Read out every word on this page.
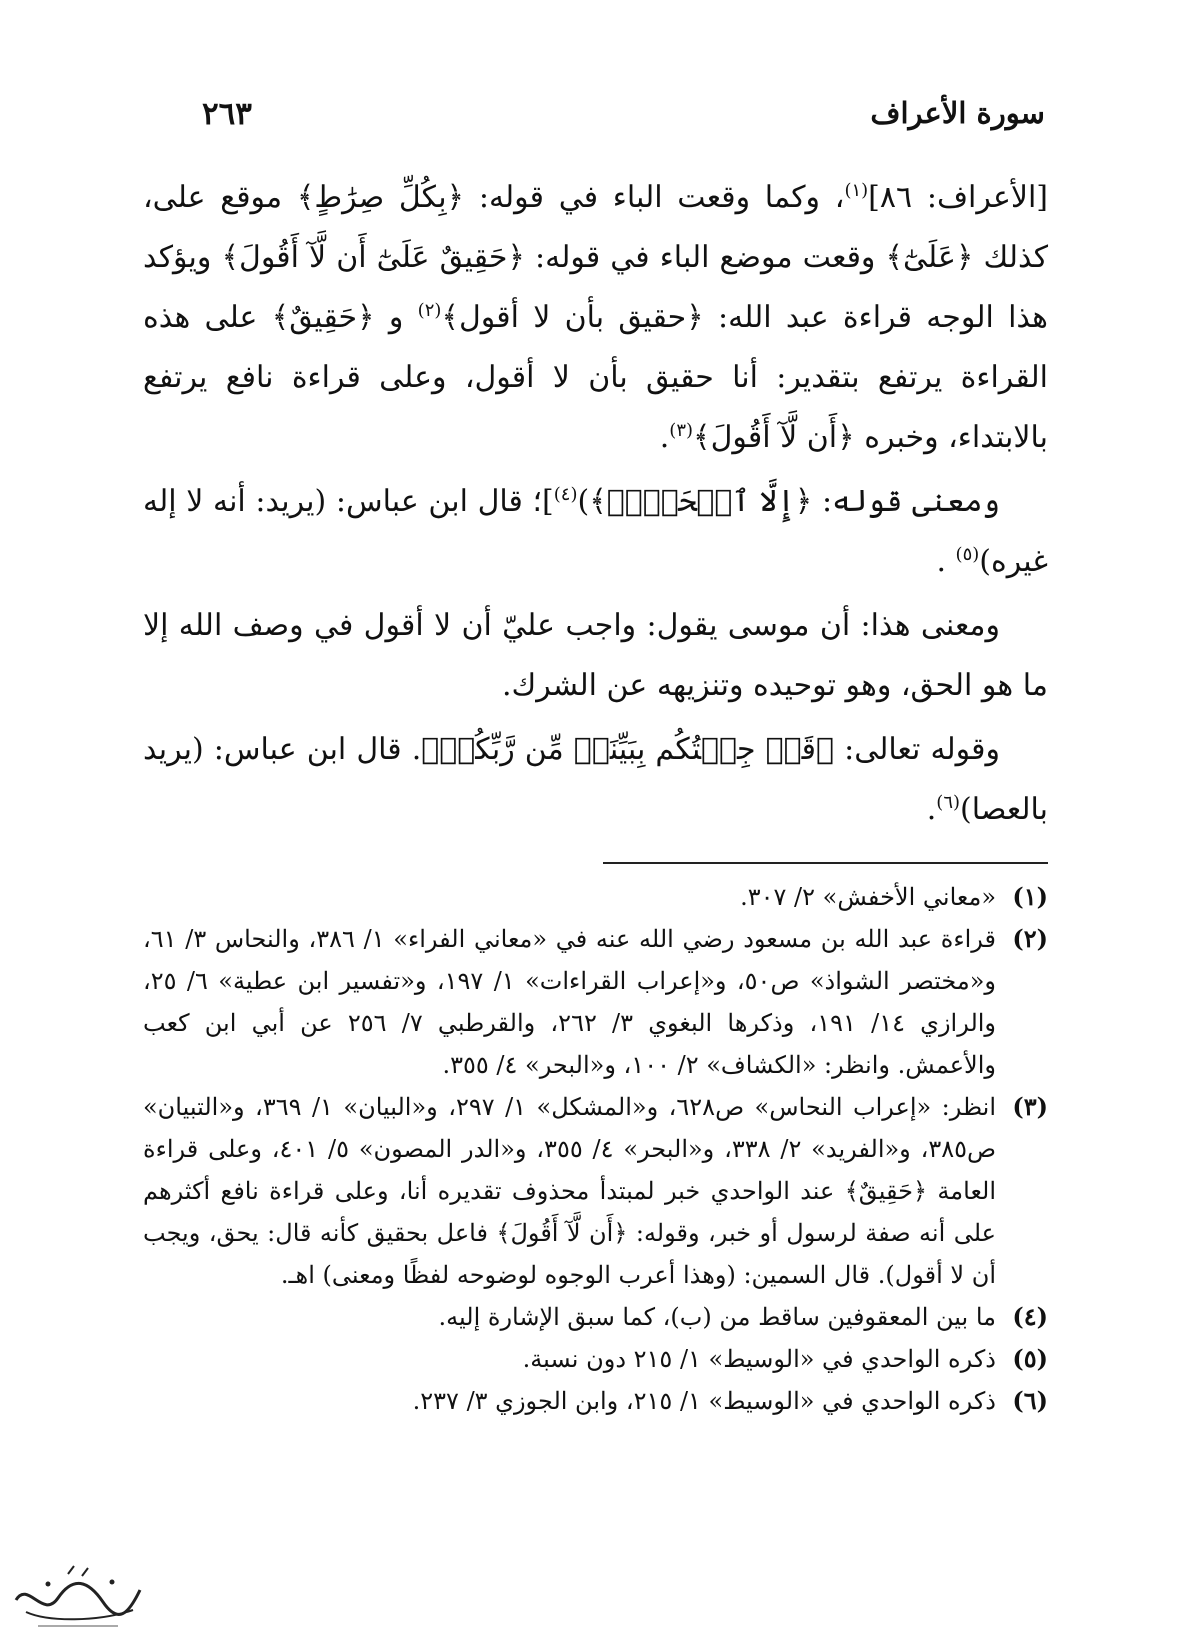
سورة الأعراف
٢٦٣

[الأعراف: ٨٦]$^{(١)}$، وكما وقعت الباء في قوله: ﴿بِكُلِّ صِرَٰطٍ﴾ موقع على، كذلك ﴿عَلَىٰٓ﴾ وقعت موضع الباء في قوله: ﴿حَقِيقٌ عَلَىٰٓ أَن لَّآ أَقُولَ﴾ ويؤكد هذا الوجه قراءة عبد الله: ﴿حقيق بأن لا أقول﴾$^{(٢)}$ و ﴿حَقِيقٌ﴾ على هذه القراءة يرتفع بتقدير: أنا حقيق بأن لا أقول، وعلى قراءة نافع يرتفع بالابتداء، وخبره ﴿أَن لَّآ أَقُولَ﴾$^{(٣)}$.

ومعنى قوله: ﴿إِلَّا ٱلۡحَقَّۚ﴾)$^{(٤)}$]؛ قال ابن عباس: (يريد: أنه لا إله غيره)$^{(٥)}$ .

ومعنى هذا: أن موسى يقول: واجب عليّ أن لا أقول في وصف الله إلا ما هو الحق، وهو توحيده وتنزيهه عن الشرك.

وقوله تعالى: ﴿قَدۡ جِئۡتُكُم بِبَيِّنَةٖ مِّن رَّبِّكُمۡ﴾. قال ابن عباس: (يريد بالعصا)$^{(٦)}$.

(١)
«معاني الأخفش» ٢/ ٣٠٧.
(٢)
قراءة عبد الله بن مسعود رضي الله عنه في «معاني الفراء» ١/ ٣٨٦، والنحاس ٣/ ٦١، و«مختصر الشواذ» ص٥٠، و«إعراب القراءات» ١/ ١٩٧، و«تفسير ابن عطية» ٦/ ٢٥، والرازي ١٤/ ١٩١، وذكرها البغوي ٣/ ٢٦٢، والقرطبي ٧/ ٢٥٦ عن أبي ابن كعب والأعمش. وانظر: «الكشاف» ٢/ ١٠٠، و«البحر» ٤/ ٣٥٥.
(٣)
انظر: «إعراب النحاس» ص٦٢٨، و«المشكل» ١/ ٢٩٧، و«البيان» ١/ ٣٦٩، و«التبيان» ص٣٨٥، و«الفريد» ٢/ ٣٣٨، و«البحر» ٤/ ٣٥٥، و«الدر المصون» ٥/ ٤٠١، وعلى قراءة العامة ﴿حَقِيقٌ﴾ عند الواحدي خبر لمبتدأ محذوف تقديره أنا، وعلى قراءة نافع أكثرهم على أنه صفة لرسول أو خبر، وقوله: ﴿أَن لَّآ أَقُولَ﴾ فاعل بحقيق كأنه قال: يحق، ويجب أن لا أقول). قال السمين: (وهذا أعرب الوجوه لوضوحه لفظًا ومعنى) اهـ.
(٤)
ما بين المعقوفين ساقط من (ب)، كما سبق الإشارة إليه.
(٥)
ذكره الواحدي في «الوسيط» ١/ ٢١٥ دون نسبة.
(٦)
ذكره الواحدي في «الوسيط» ١/ ٢١٥، وابن الجوزي ٣/ ٢٣٧.
